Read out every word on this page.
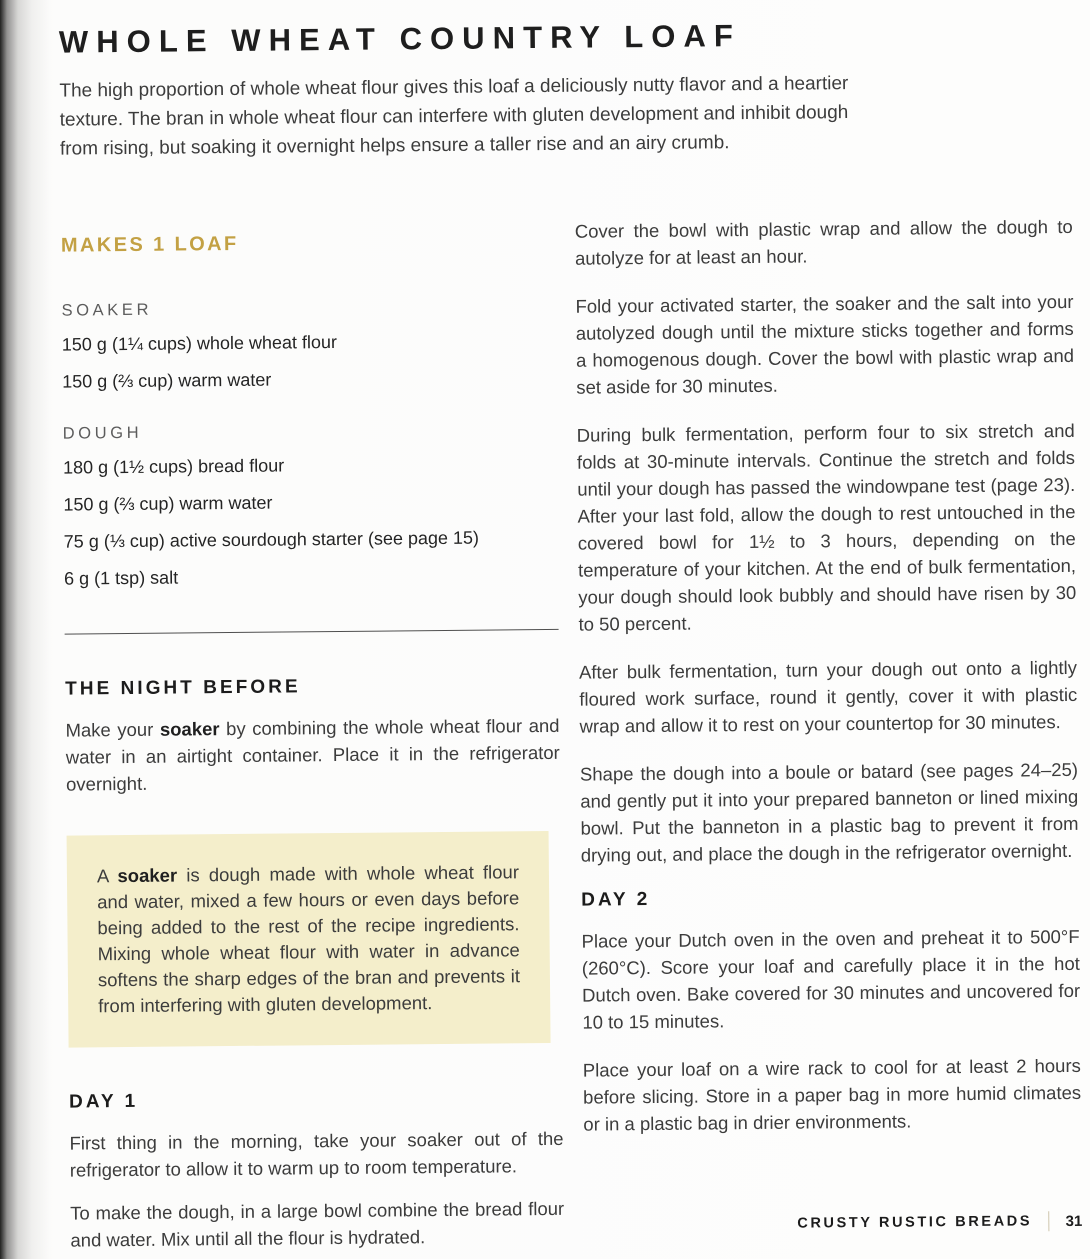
WHOLE WHEAT COUNTRY LOAF

The high proportion of whole wheat flour gives this loaf a deliciously nutty flavor and a heartier texture. The bran in whole wheat flour can interfere with gluten development and inhibit dough from rising, but soaking it overnight helps ensure a taller rise and an airy crumb.

MAKES 1 LOAF
SOAKER

150 g (1¼ cups) whole wheat flour

150 g (⅔ cup) warm water

DOUGH

180 g (1½ cups) bread flour

150 g (⅔ cup) warm water

75 g (⅓ cup) active sourdough starter (see page 15)

6 g (1 tsp) salt

THE NIGHT BEFORE

Make your soaker by combining the whole wheat flour and water in an airtight container. Place it in the refrigerator overnight.

A soaker is dough made with whole wheat flour and water, mixed a few hours or even days before being added to the rest of the recipe ingredients. Mixing whole wheat flour with water in advance softens the sharp edges of the bran and prevents it from interfering with gluten development.

DAY 1

First thing in the morning, take your soaker out of the refrigerator to allow it to warm up to room temperature.

To make the dough, in a large bowl combine the bread flour and water. Mix until all the flour is hydrated.

Cover the bowl with plastic wrap and allow the dough to autolyze for at least an hour.

Fold your activated starter, the soaker and the salt into your autolyzed dough until the mixture sticks together and forms a homogenous dough. Cover the bowl with plastic wrap and set aside for 30 minutes.

During bulk fermentation, perform four to six stretch and folds at 30-minute intervals. Continue the stretch and folds until your dough has passed the windowpane test (page 23). After your last fold, allow the dough to rest untouched in the covered bowl for 1½ to 3 hours, depending on the temperature of your kitchen. At the end of bulk fermentation, your dough should look bubbly and should have risen by 30 to 50 percent.

After bulk fermentation, turn your dough out onto a lightly floured work surface, round it gently, cover it with plastic wrap and allow it to rest on your countertop for 30 minutes.

Shape the dough into a boule or batard (see pages 24–25) and gently put it into your prepared banneton or lined mixing bowl. Put the banneton in a plastic bag to prevent it from drying out, and place the dough in the refrigerator overnight.

DAY 2

Place your Dutch oven in the oven and preheat it to 500°F (260°C). Score your loaf and carefully place it in the hot Dutch oven. Bake covered for 30 minutes and uncovered for 10 to 15 minutes.

Place your loaf on a wire rack to cool for at least 2 hours before slicing. Store in a paper bag in more humid climates or in a plastic bag in drier environments.

CRUSTY RUSTIC BREADS 31
